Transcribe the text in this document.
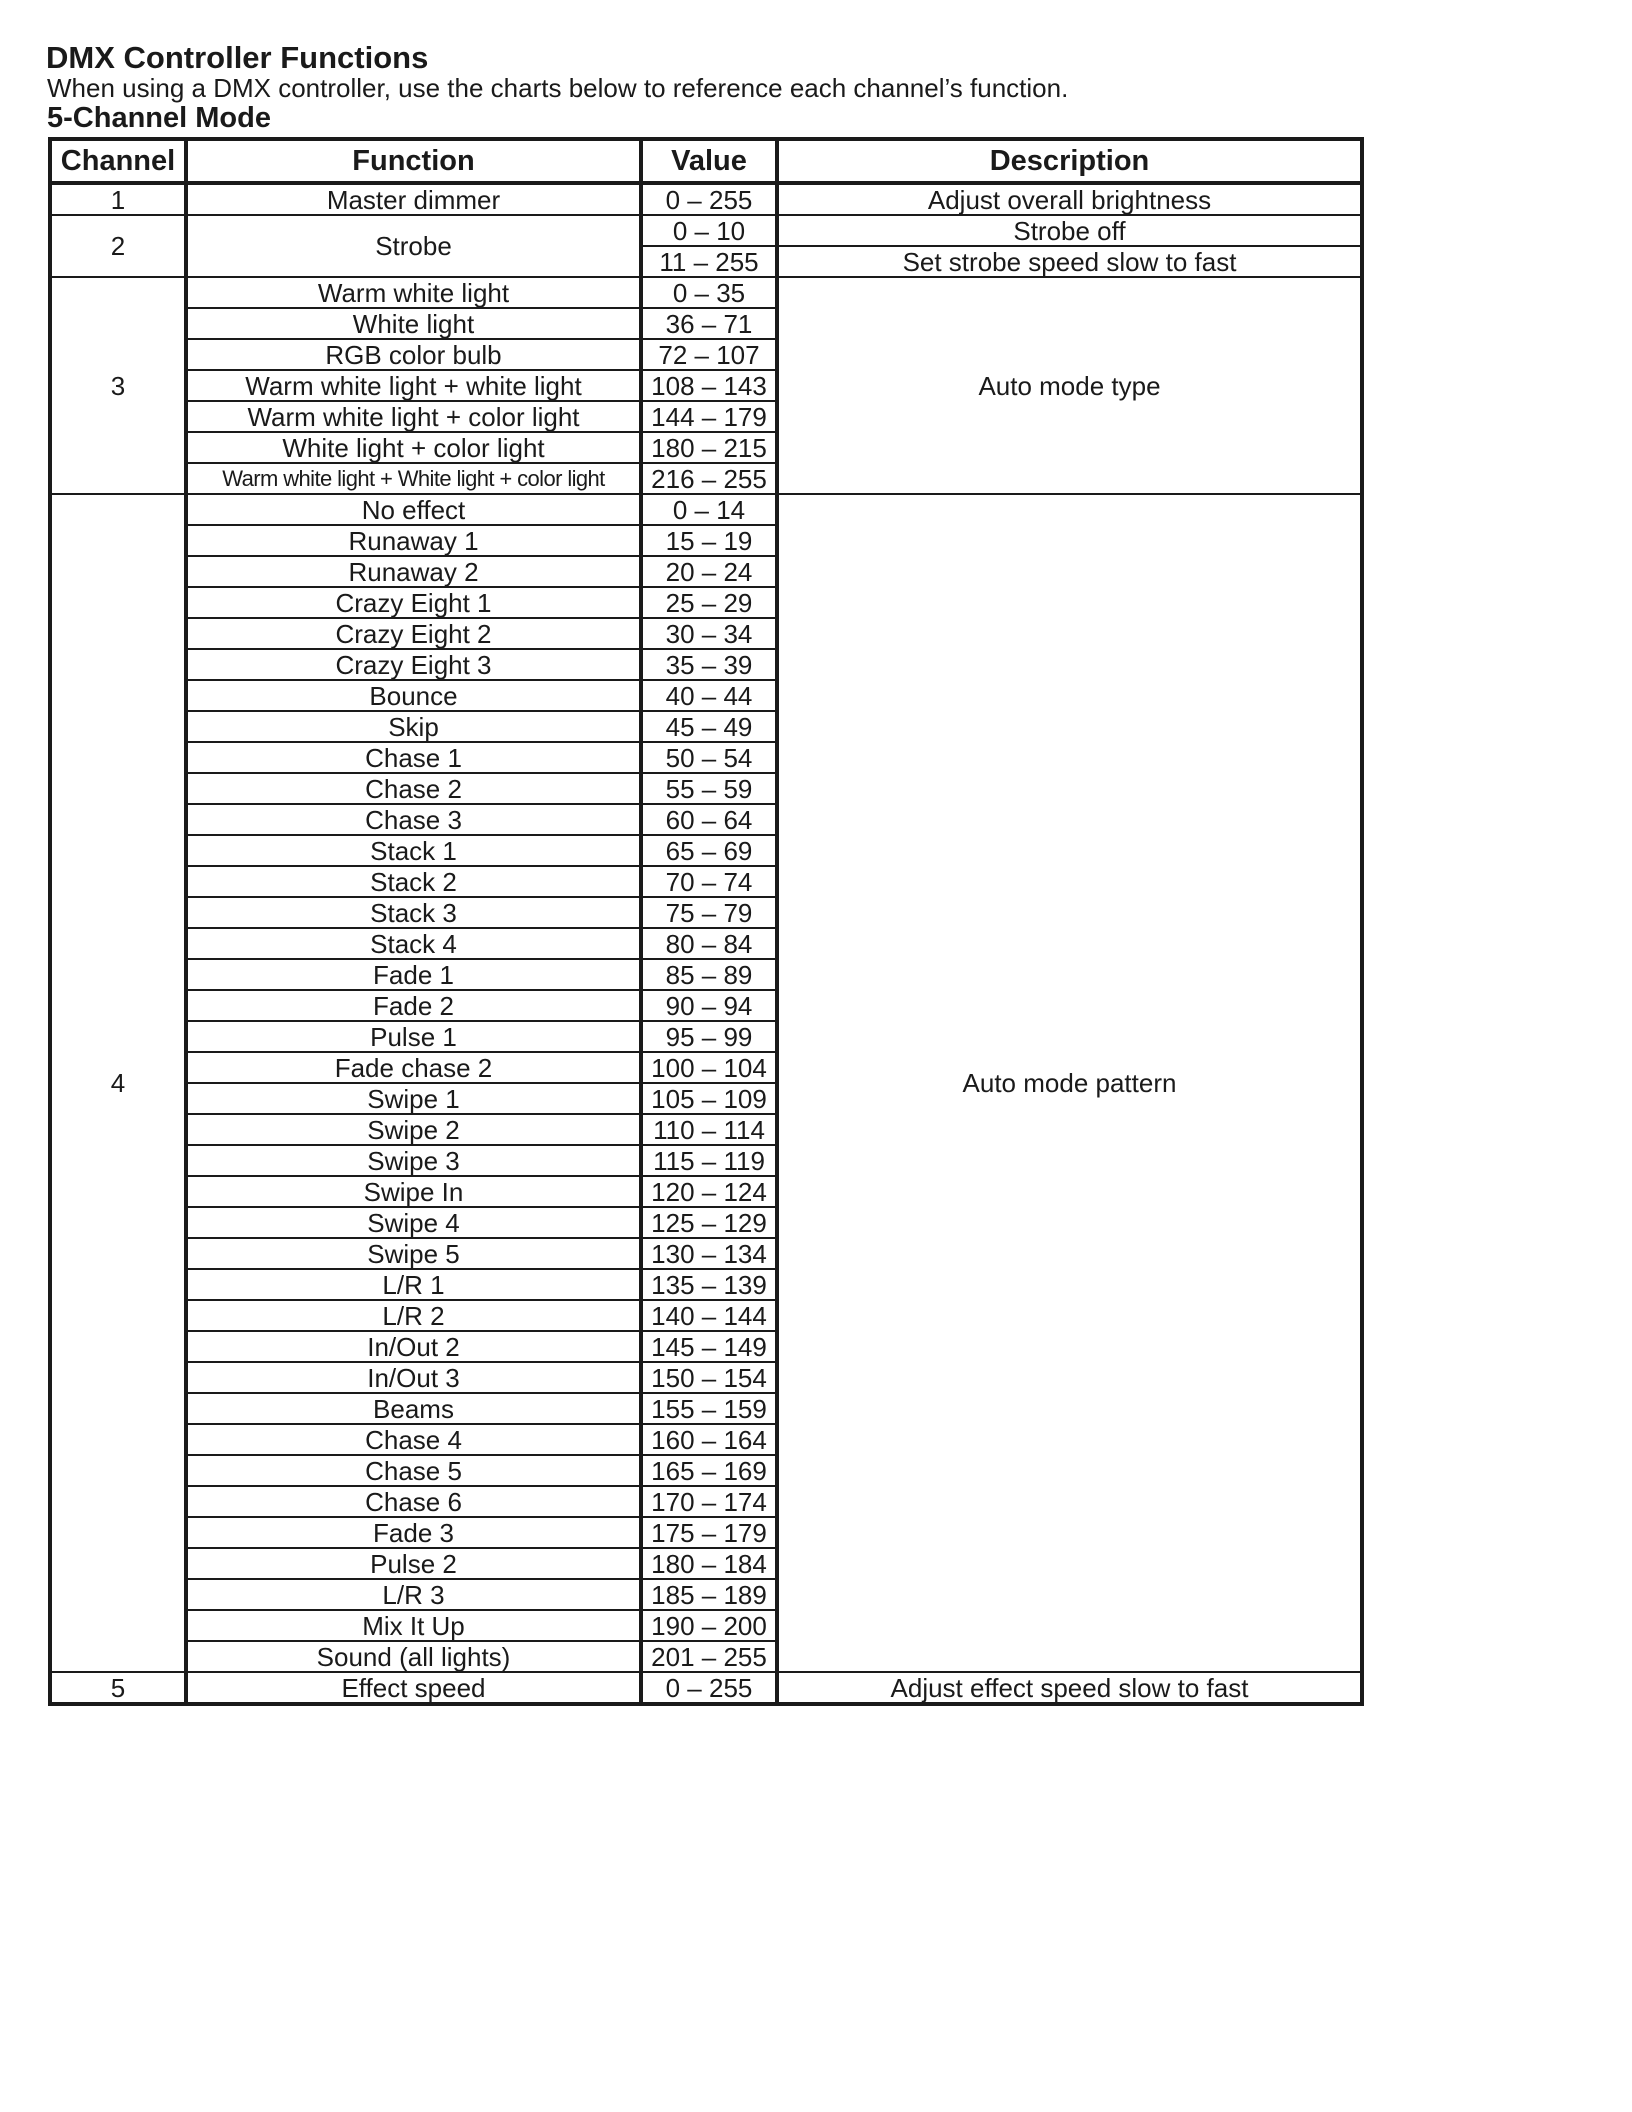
DMX Controller Functions
When using a DMX controller, use the charts below to reference each channel’s function.
5-Channel Mode
Channel	Function	Value	Description
1	Master dimmer	0 – 255	Adjust overall brightness
2	Strobe	0 – 10	Strobe off
		11 – 255	Set strobe speed slow to fast
3	Warm white light	0 – 35	Auto mode type
	White light	36 – 71	
	RGB color bulb	72 – 107	
	Warm white light + white light	108 – 143	
	Warm white light + color light	144 – 179	
	White light + color light	180 – 215	
	Warm white light + White light + color light	216 – 255	
4	No effect	0 – 14	Auto mode pattern
	Runaway 1	15 – 19	
	Runaway 2	20 – 24	
	Crazy Eight 1	25 – 29	
	Crazy Eight 2	30 – 34	
	Crazy Eight 3	35 – 39	
	Bounce	40 – 44	
	Skip	45 – 49	
	Chase 1	50 – 54	
	Chase 2	55 – 59	
	Chase 3	60 – 64	
	Stack 1	65 – 69	
	Stack 2	70 – 74	
	Stack 3	75 – 79	
	Stack 4	80 – 84	
	Fade 1	85 – 89	
	Fade 2	90 – 94	
	Pulse 1	95 – 99	
	Fade chase 2	100 – 104	
	Swipe 1	105 – 109	
	Swipe 2	110 – 114	
	Swipe 3	115 – 119	
	Swipe In	120 – 124	
	Swipe 4	125 – 129	
	Swipe 5	130 – 134	
	L/R 1	135 – 139	
	L/R 2	140 – 144	
	In/Out 2	145 – 149	
	In/Out 3	150 – 154	
	Beams	155 – 159	
	Chase 4	160 – 164	
	Chase 5	165 – 169	
	Chase 6	170 – 174	
	Fade 3	175 – 179	
	Pulse 2	180 – 184	
	L/R 3	185 – 189	
	Mix It Up	190 – 200	
	Sound (all lights)	201 – 255	
5	Effect speed	0 – 255	Adjust effect speed slow to fast
